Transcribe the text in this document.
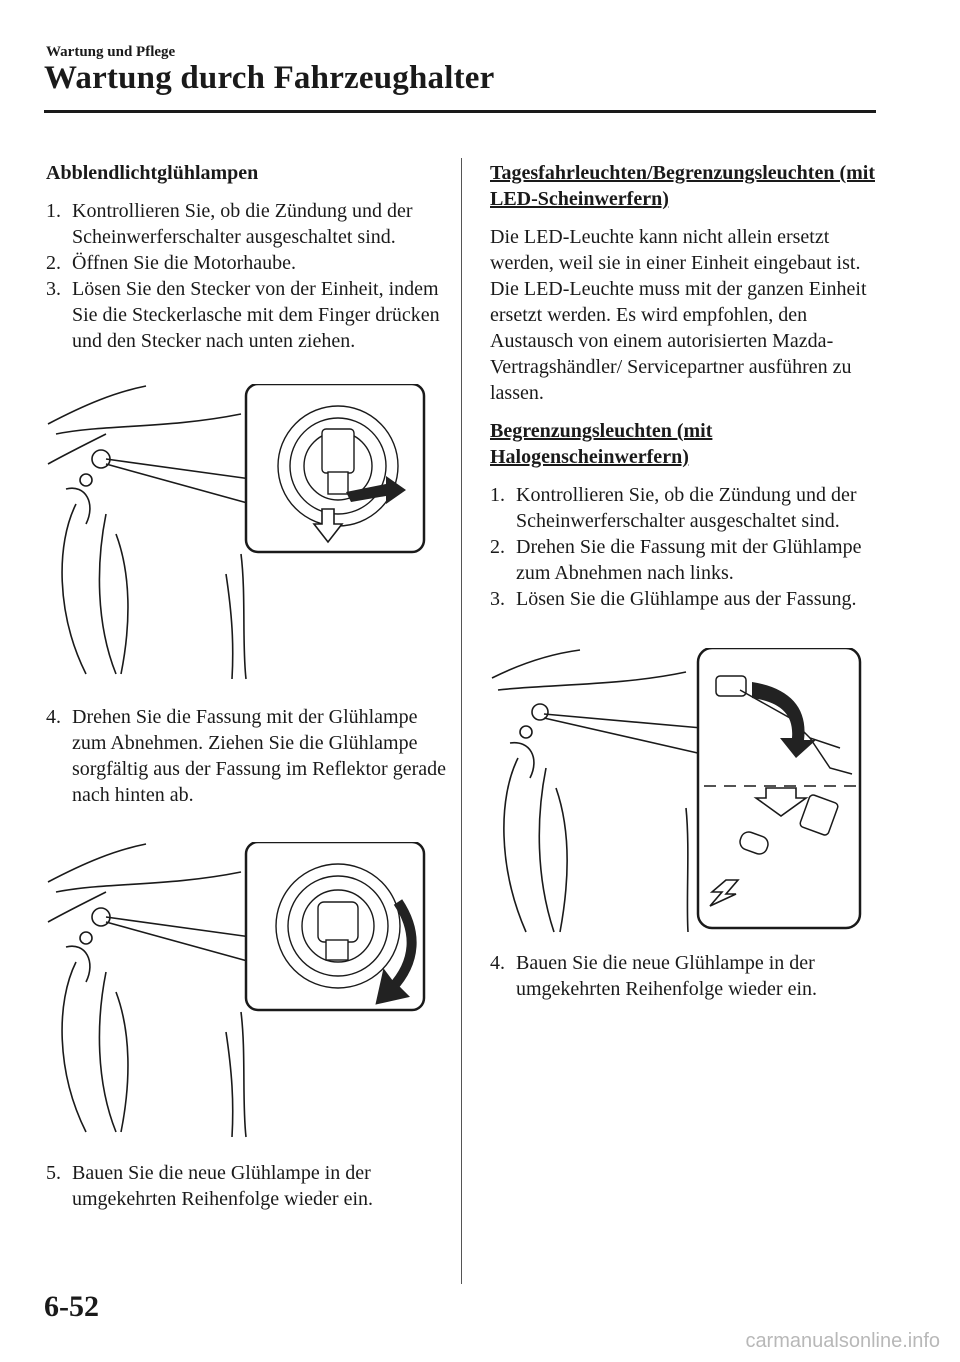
Wartung und Pflege
Wartung durch Fahrzeughalter
Abblendlichtglühlampen
1. Kontrollieren Sie, ob die Zündung und der Scheinwerferschalter ausgeschaltet sind.
2. Öffnen Sie die Motorhaube.
3. Lösen Sie den Stecker von der Einheit, indem Sie die Steckerlasche mit dem Finger drücken und den Stecker nach unten ziehen.
4. Drehen Sie die Fassung mit der Glühlampe zum Abnehmen. Ziehen Sie die Glühlampe sorgfältig aus der Fassung im Reflektor gerade nach hinten ab.
5. Bauen Sie die neue Glühlampe in der umgekehrten Reihenfolge wieder ein.
Tagesfahrleuchten/Begrenzungsleuchten (mit LED-Scheinwerfern)
Die LED-Leuchte kann nicht allein ersetzt werden, weil sie in einer Einheit eingebaut ist.
Die LED-Leuchte muss mit der ganzen Einheit ersetzt werden. Es wird empfohlen, den Austausch von einem autorisierten Mazda-Vertragshändler/ Servicepartner ausführen zu lassen.
Begrenzungsleuchten (mit Halogenscheinwerfern)
1. Kontrollieren Sie, ob die Zündung und der Scheinwerferschalter ausgeschaltet sind.
2. Drehen Sie die Fassung mit der Glühlampe zum Abnehmen nach links.
3. Lösen Sie die Glühlampe aus der Fassung.
4. Bauen Sie die neue Glühlampe in der umgekehrten Reihenfolge wieder ein.
6-52
carmanualsonline.info
